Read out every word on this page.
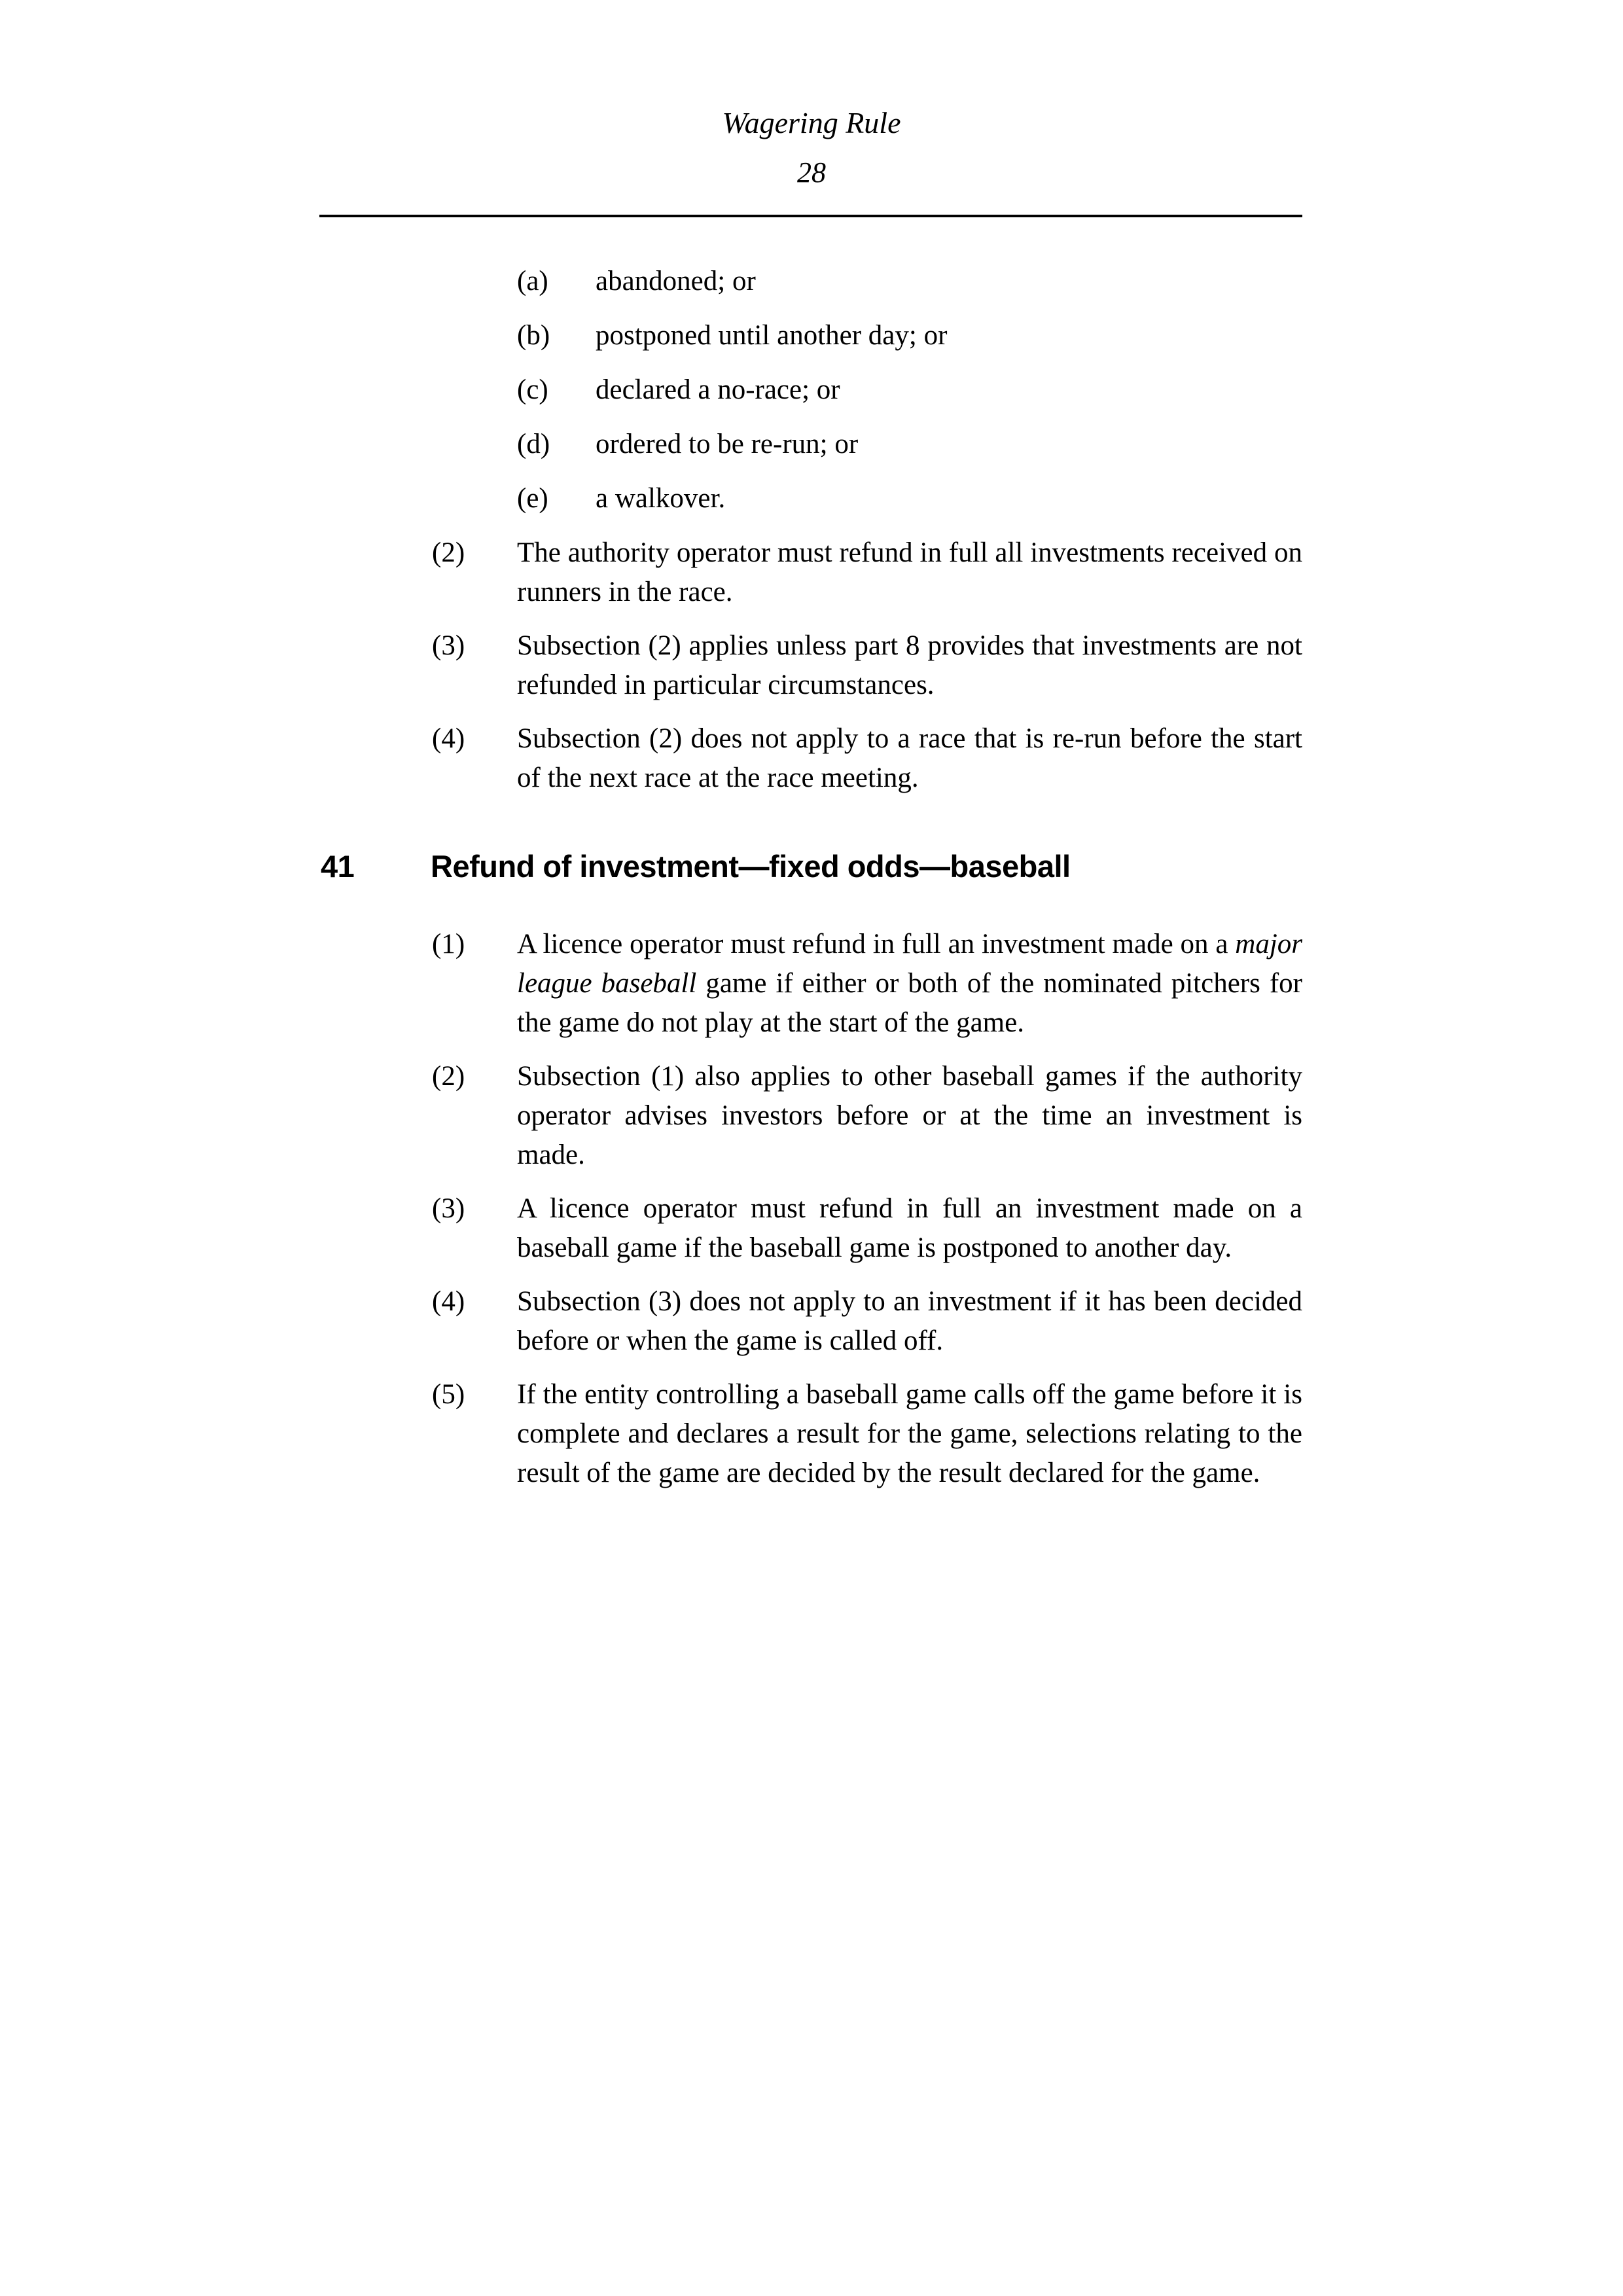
Wagering Rule
28
(a)	abandoned; or
(b)	postponed until another day; or
(c)	declared a no-race; or
(d)	ordered to be re-run; or
(e)	a walkover.
(2)	The authority operator must refund in full all investments received on runners in the race.
(3)	Subsection (2) applies unless part 8 provides that investments are not refunded in particular circumstances.
(4)	Subsection (2) does not apply to a race that is re-run before the start of the next race at the race meeting.
41	Refund of investment—fixed odds—baseball
(1)	A licence operator must refund in full an investment made on a major league baseball game if either or both of the nominated pitchers for the game do not play at the start of the game.
(2)	Subsection (1) also applies to other baseball games if the authority operator advises investors before or at the time an investment is made.
(3)	A licence operator must refund in full an investment made on a baseball game if the baseball game is postponed to another day.
(4)	Subsection (3) does not apply to an investment if it has been decided before or when the game is called off.
(5)	If the entity controlling a baseball game calls off the game before it is complete and declares a result for the game, selections relating to the result of the game are decided by the result declared for the game.
